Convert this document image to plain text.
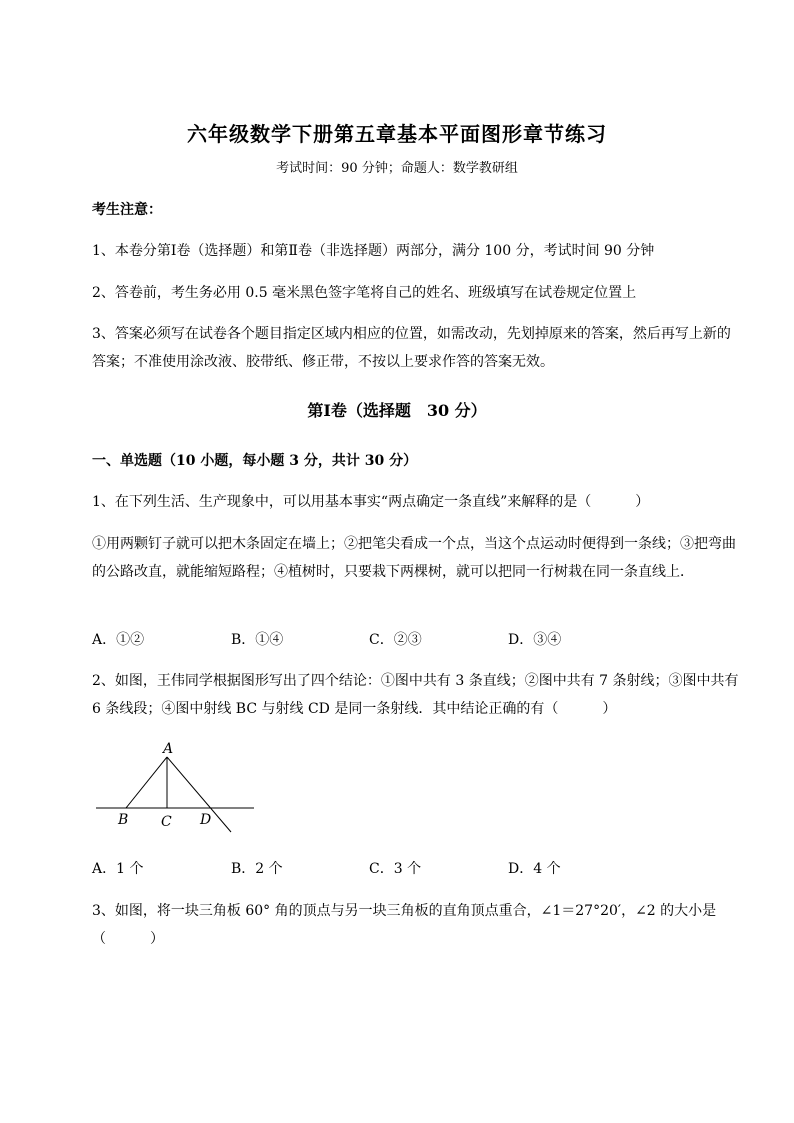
六年级数学下册第五章基本平面图形章节练习
考试时间：90 分钟；命题人：数学教研组
考生注意：
1、本卷分第Ⅰ卷（选择题）和第Ⅱ卷（非选择题）两部分，满分 100 分，考试时间 90 分钟
2、答卷前，考生务必用 0.5 毫米黑色签字笔将自己的姓名、班级填写在试卷规定位置上
3、答案必须写在试卷各个题目指定区域内相应的位置，如需改动，先划掉原来的答案，然后再写上新的答案；不准使用涂改液、胶带纸、修正带，不按以上要求作答的答案无效。
第Ⅰ卷（选择题　30 分）
一、单选题（10 小题，每小题 3 分，共计 30 分）
1、在下列生活、生产现象中，可以用基本事实“两点确定一条直线”来解释的是（	）
①用两颗钉子就可以把木条固定在墙上；②把笔尖看成一个点，当这个点运动时便得到一条线；③把弯曲的公路改直，就能缩短路程；④植树时，只要栽下两棵树，就可以把同一行树栽在同一条直线上．
A．①②	B．①④	C．②③	D．③④
2、如图，王伟同学根据图形写出了四个结论：①图中共有 3 条直线；②图中共有 7 条射线；③图中共有 6 条线段；④图中射线 BC 与射线 CD 是同一条射线．其中结论正确的有（	）
A
B C D
A．1 个	B．2 个	C．3 个	D．4 个
3、如图，将一块三角板 60° 角的顶点与另一块三角板的直角顶点重合，∠1＝27°20′，∠2 的大小是
（	）
